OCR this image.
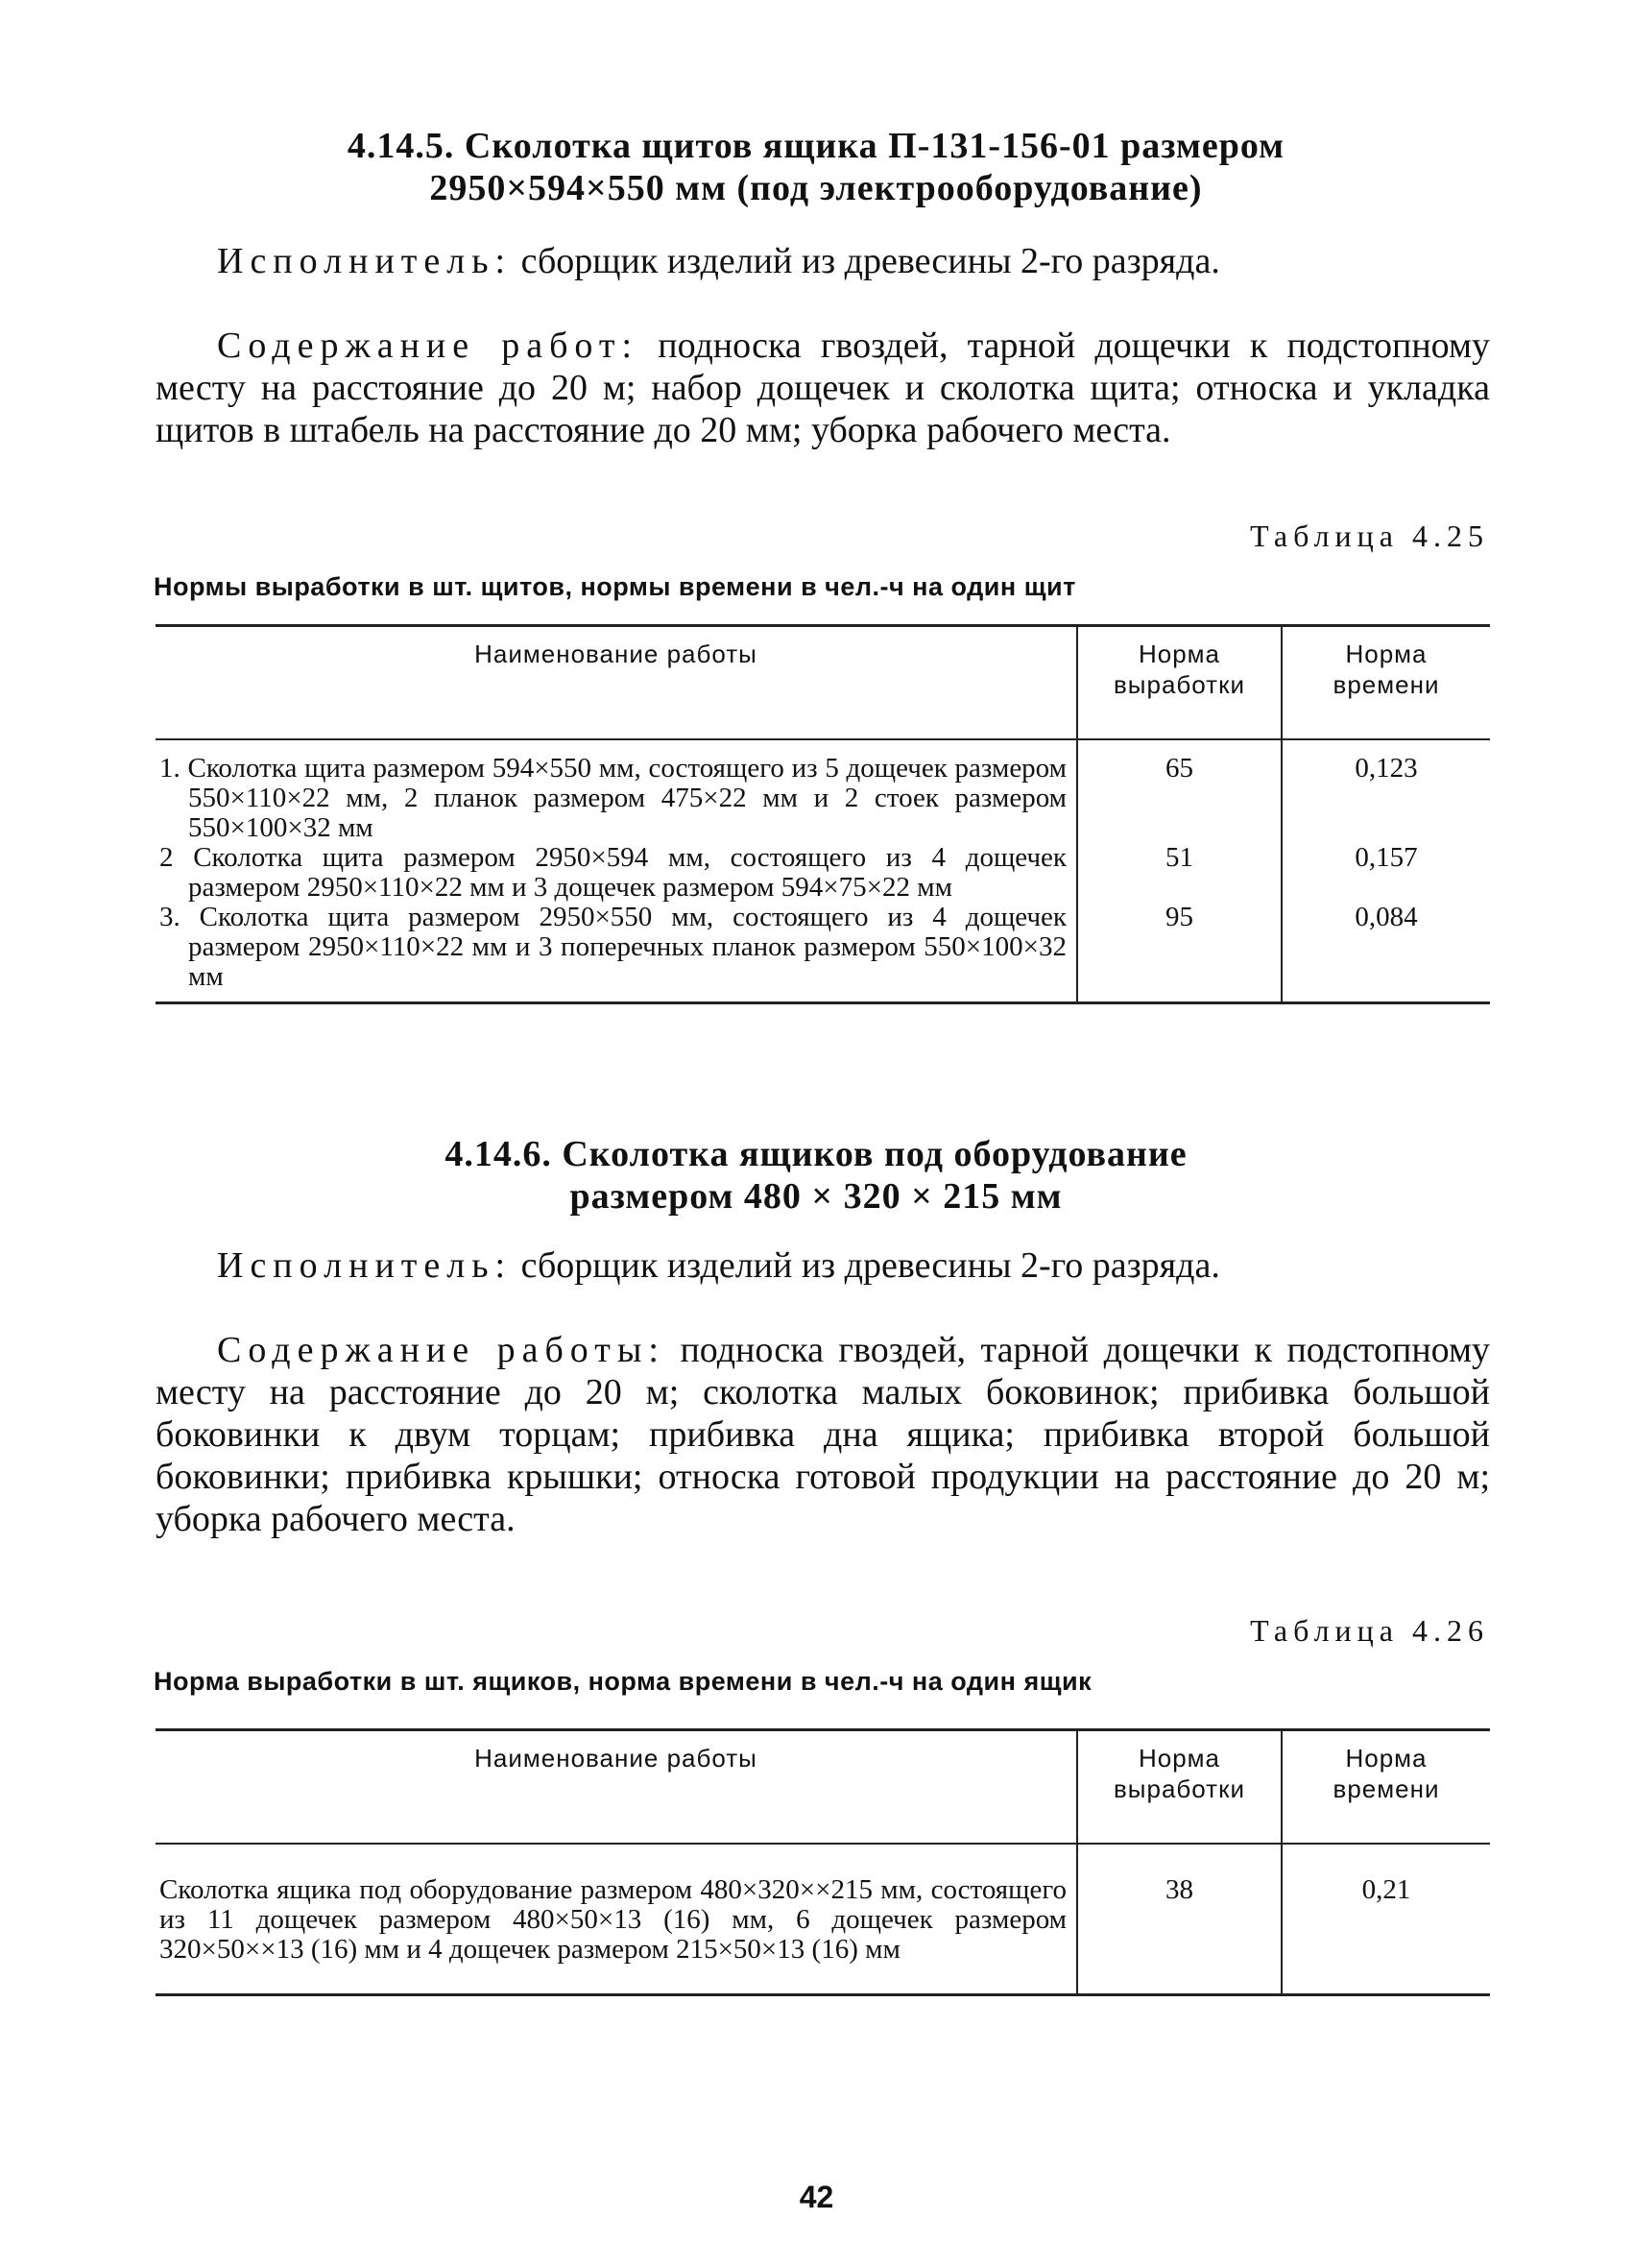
4.14.5. Сколотка щитов ящика П-131-156-01 размером
2950×594×550 мм (под электрооборудование)

Исполнитель: сборщик изделий из древесины 2-го разряда.

Содержание работ: подноска гвоздей, тарной дощечки к подстопному месту на расстояние до 20 м; набор дощечек и сколотка щита; относка и укладка щитов в штабель на расстояние до 20 мм; уборка рабочего места.

Таблица 4.25
Нормы выработки в шт. щитов, нормы времени в чел.-ч на один щит
Наименование работы	Норма выработки	Норма времени

1. Сколотка щита размером 594×550 мм, состоящего из 5 дощечек размером 550×110×22 мм, 2 планок размером 475×22 мм и 2 стоек размером 550×100×32 мм	65	0,123

2 Сколотка щита размером 2950×594 мм, состоящего из 4 дощечек размером 2950×110×22 мм и 3 дощечек размером 594×75×22 мм	51	0,157

3. Сколотка щита размером 2950×550 мм, состоящего из 4 дощечек размером 2950×110×22 мм и 3 поперечных планок размером 550×100×32 мм	95	0,084
4.14.6. Сколотка ящиков под оборудование
размером 480 × 320 × 215 мм

Исполнитель: сборщик изделий из древесины 2-го разряда.

Содержание работы: подноска гвоздей, тарной дощечки к подстопному месту на расстояние до 20 м; сколотка малых боковинок; прибивка большой боковинки к двум торцам; прибивка дна ящика; прибивка второй большой боковинки; прибивка крышки; относка готовой продукции на расстояние до 20 м; уборка рабочего места.

Таблица 4.26
Норма выработки в шт. ящиков, норма времени в чел.-ч на один ящик
Наименование работы	Норма выработки	Норма времени
Сколотка ящика под оборудование размером 480×320××215 мм, состоящего из 11 дощечек размером 480×50×13 (16) мм, 6 дощечек размером 320×50××13 (16) мм и 4 дощечек размером 215×50×13 (16) мм	38	0,21
42
